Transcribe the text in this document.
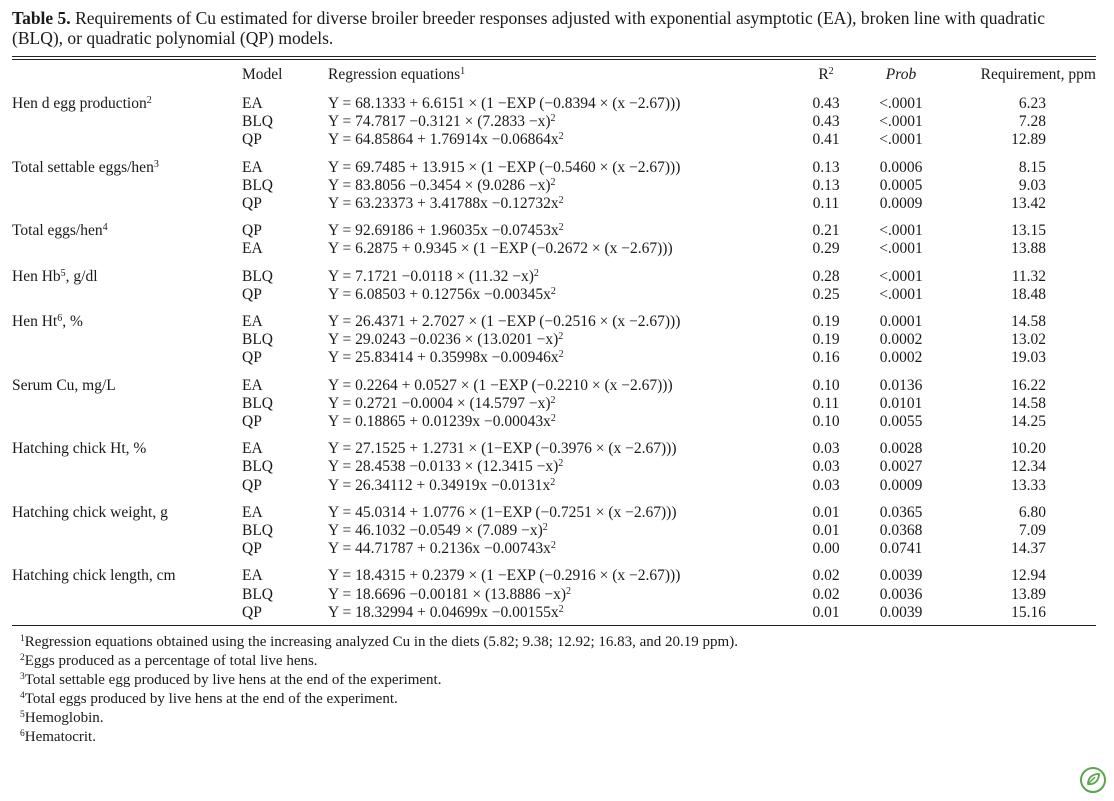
Table 5. Requirements of Cu estimated for diverse broiler breeder responses adjusted with exponential asymptotic (EA), broken line with quadratic (BLQ), or quadratic polynomial (QP) models.

	Model	Regression equations$^1$	$R^2$	Prob	Requirement, ppm
Hen d egg production$^2$	EA	Y = 68.1333 + 6.6151 × (1 −EXP (−0.8394 × (x −2.67)))	0.43	<.0001	6.23
	BLQ	$Y = 74.7817 -0.3121 \times (7.2833 -x)^2$	0.43	<.0001	7.28
	QP	$Y = 64.85864 + 1.76914x -0.06864x^2$	0.41	<.0001	12.89
Total settable eggs/hen$^3$	EA	Y = 69.7485 + 13.915 × (1 −EXP (−0.5460 × (x −2.67)))	0.13	0.0006	8.15
	BLQ	$Y = 83.8056 -0.3454 \times (9.0286 -x)^2$	0.13	0.0005	9.03
	QP	$Y = 63.23373 + 3.41788x -0.12732x^2$	0.11	0.0009	13.42
Total eggs/hen$^4$	QP	$Y = 92.69186 + 1.96035x -0.07453x^2$	0.21	<.0001	13.15
	EA	Y = 6.2875 + 0.9345 × (1 −EXP (−0.2672 × (x −2.67)))	0.29	<.0001	13.88
Hen Hb$^5$, g/dl	BLQ	$Y = 7.1721 -0.0118 \times (11.32 -x)^2$	0.28	<.0001	11.32
	QP	$Y = 6.08503 + 0.12756x -0.00345x^2$	0.25	<.0001	18.48
Hen Ht$^6$, %	EA	Y = 26.4371 + 2.7027 × (1 −EXP (−0.2516 × (x −2.67)))	0.19	0.0001	14.58
	BLQ	$Y = 29.0243 -0.0236 \times (13.0201 -x)^2$	0.19	0.0002	13.02
	QP	$Y = 25.83414 + 0.35998x -0.00946x^2$	0.16	0.0002	19.03
Serum Cu, mg/L	EA	Y = 0.2264 + 0.0527 × (1 −EXP (−0.2210 × (x −2.67)))	0.10	0.0136	16.22
	BLQ	$Y = 0.2721 -0.0004 \times (14.5797 -x)^2$	0.11	0.0101	14.58
	QP	$Y = 0.18865 + 0.01239x -0.00043x^2$	0.10	0.0055	14.25
Hatching chick Ht, %	EA	Y = 27.1525 + 1.2731 × (1−EXP (−0.3976 × (x −2.67)))	0.03	0.0028	10.20
	BLQ	$Y = 28.4538 -0.0133 \times (12.3415 -x)^2$	0.03	0.0027	12.34
	QP	$Y = 26.34112 + 0.34919x -0.0131x^2$	0.03	0.0009	13.33
Hatching chick weight, g	EA	Y = 45.0314 + 1.0776 × (1−EXP (−0.7251 × (x −2.67)))	0.01	0.0365	6.80
	BLQ	$Y = 46.1032 -0.0549 \times (7.089 -x)^2$	0.01	0.0368	7.09
	QP	$Y = 44.71787 + 0.2136x -0.00743x^2$	0.00	0.0741	14.37
Hatching chick length, cm	EA	Y = 18.4315 + 0.2379 × (1 −EXP (−0.2916 × (x −2.67)))	0.02	0.0039	12.94
	BLQ	$Y = 18.6696 -0.00181 \times (13.8886 -x)^2$	0.02	0.0036	13.89
	QP	$Y = 18.32994 + 0.04699x -0.00155x^2$	0.01	0.0039	15.16
$^1$Regression equations obtained using the increasing analyzed Cu in the diets (5.82; 9.38; 12.92; 16.83, and 20.19 ppm).
$^2$Eggs produced as a percentage of total live hens.
$^3$Total settable egg produced by live hens at the end of the experiment.
$^4$Total eggs produced by live hens at the end of the experiment.
$^5$Hemoglobin.
$^6$Hematocrit.
